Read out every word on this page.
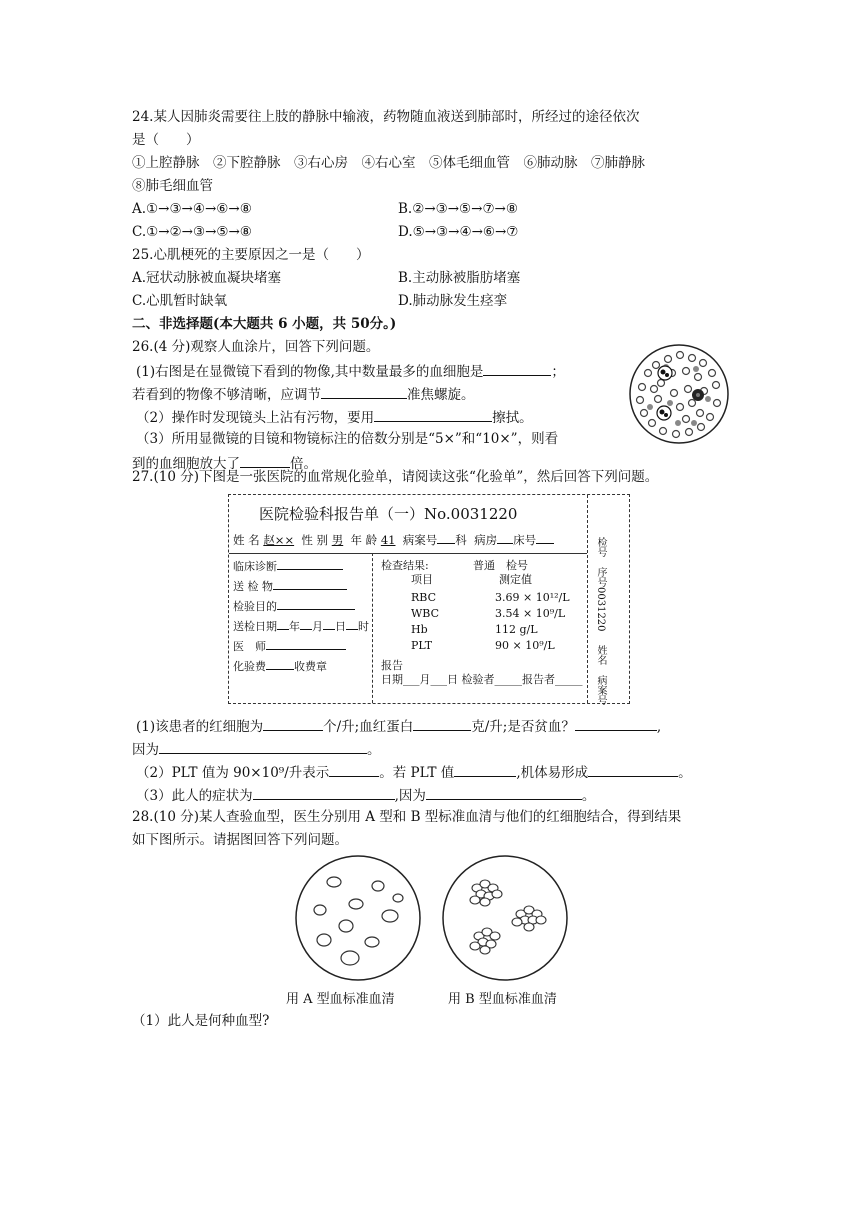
24.某人因肺炎需要往上肢的静脉中输液，药物随血液送到肺部时，所经过的途径依次
是（　　）
①上腔静脉　②下腔静脉　③右心房　④右心室　⑤体毛细血管　⑥肺动脉　⑦肺静脉
⑧肺毛细血管
A.①→③→④→⑥→⑧	B.②→③→⑤→⑦→⑧
C.①→②→③→⑤→⑧	D.⑤→③→④→⑥→⑦
25.心肌梗死的主要原因之一是（　　）
A.冠状动脉被血凝块堵塞	B.主动脉被脂肪堵塞
C.心肌暂时缺氧	D.肺动脉发生痉挛
二、非选择题(本大题共 6 小题，共 50分。)
26.(4 分)观察人血涂片，回答下列问题。
(1)右图是在显微镜下看到的物像,其中数量最多的血细胞是	；
若看到的物像不够清晰，应调节	准焦螺旋。
（2）操作时发现镜头上沾有污物，要用	擦拭。
（3）所用显微镜的目镜和物镜标注的倍数分别是“5×”和“10×”，则看
到的血细胞放大了	倍。
27.(10 分)下图是一张医院的血常规化验单，请阅读这张“化验单”，然后回答下列问题。
医院检验科报告单（一）No.0031220
姓 名 赵×× 性 别 男 年 龄 41 病案号 科 病房 床号
临床诊断
送 检 物
检验目的
送检日期 年 月 日 时
医　师
化验费	收费章
检查结果:	普通　检号
项目	测定值
RBC	3.69 × 10¹²/L
WBC	3.54 × 10⁹/L
Hb	112 g/L
PLT	90 × 10⁹/L
报告
日期___月___日 检验者_____报告者_____
检号　序号0031220
姓名　病案号
(1)该患者的红细胞为	个/升;血红蛋白	克/升;是否贫血？	,
因为	。
（2）PLT 值为 90×10⁹/升表示	。若 PLT 值	,机体易形成	。
（3）此人的症状为	,因为	。
28.(10 分)某人查验血型，医生分别用 A 型和 B 型标准血清与他们的红细胞结合，得到结果
如下图所示。请据图回答下列问题。
用 A 型血标准血清	用 B 型血标准血清
（1）此人是何种血型?
